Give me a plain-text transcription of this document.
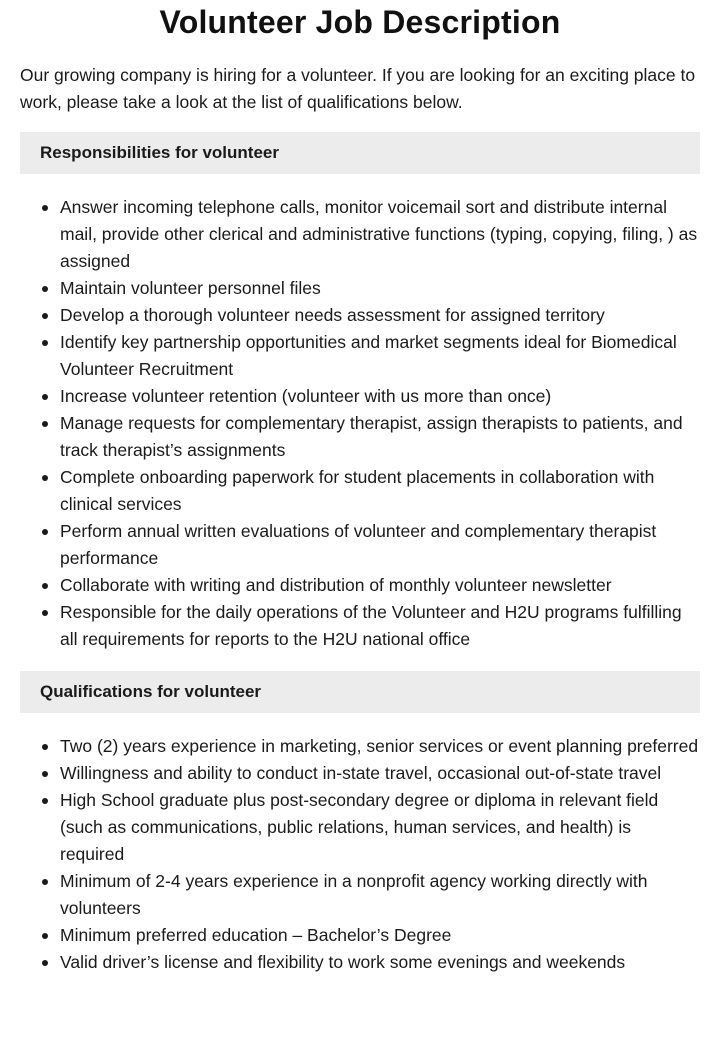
Volunteer Job Description

Our growing company is hiring for a volunteer. If you are looking for an exciting place to work, please take a look at the list of qualifications below.

Responsibilities for volunteer
Answer incoming telephone calls, monitor voicemail sort and distribute internal mail, provide other clerical and administrative functions (typing, copying, filing, ) as assigned
Maintain volunteer personnel files
Develop a thorough volunteer needs assessment for assigned territory
Identify key partnership opportunities and market segments ideal for Biomedical Volunteer Recruitment
Increase volunteer retention (volunteer with us more than once)
Manage requests for complementary therapist, assign therapists to patients, and track therapist’s assignments
Complete onboarding paperwork for student placements in collaboration with clinical services
Perform annual written evaluations of volunteer and complementary therapist performance
Collaborate with writing and distribution of monthly volunteer newsletter
Responsible for the daily operations of the Volunteer and H2U programs fulfilling all requirements for reports to the H2U national office
Qualifications for volunteer
Two (2) years experience in marketing, senior services or event planning preferred
Willingness and ability to conduct in-state travel, occasional out-of-state travel
High School graduate plus post-secondary degree or diploma in relevant field (such as communications, public relations, human services, and health) is required
Minimum of 2-4 years experience in a nonprofit agency working directly with volunteers
Minimum preferred education – Bachelor’s Degree
Valid driver’s license and flexibility to work some evenings and weekends
